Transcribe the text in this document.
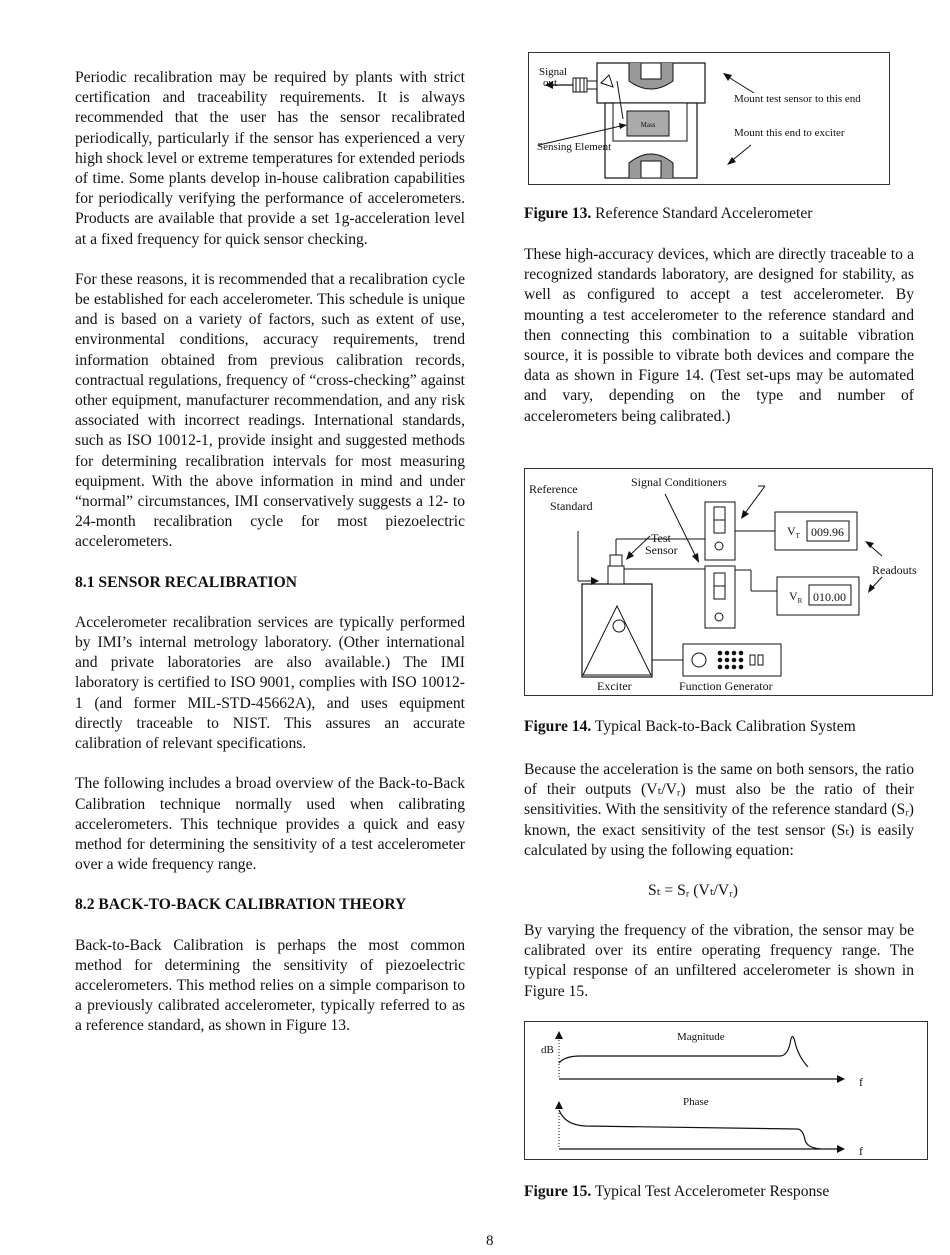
Periodic recalibration may be required by plants with strict certification and traceability requirements. It is always recommended that the user has the sensor recalibrated periodically, particularly if the sensor has experienced a very high shock level or extreme temperatures for extended periods of time. Some plants develop in-house calibration capabilities for periodically verifying the performance of accelerometers. Products are available that provide a set 1g-acceleration level at a fixed frequency for quick sensor checking.

For these reasons, it is recommended that a recalibration cycle be established for each accelerometer. This schedule is unique and is based on a variety of factors, such as extent of use, environmental conditions, accuracy requirements, trend information obtained from previous calibration records, contractual regulations, frequency of “cross-checking” against other equipment, manufacturer recommendation, and any risk associated with incorrect readings. International standards, such as ISO 10012-1, provide insight and suggested methods for determining recalibration intervals for most measuring equipment. With the above information in mind and under “normal” circumstances, IMI conservatively suggests a 12- to 24-month recalibration cycle for most piezoelectric accelerometers.

8.1 SENSOR RECALIBRATION

Accelerometer recalibration services are typically performed by IMI’s internal metrology laboratory. (Other international and private laboratories are also available.) The IMI laboratory is certified to ISO 9001, complies with ISO 10012-1 (and former MIL-STD-45662A), and uses equipment directly traceable to NIST. This assures an accurate calibration of relevant specifications.

The following includes a broad overview of the Back-to-Back Calibration technique normally used when calibrating accelerometers. This technique provides a quick and easy method for determining the sensitivity of a test accelerometer over a wide frequency range.

8.2 BACK-TO-BACK CALIBRATION THEORY

Back-to-Back Calibration is perhaps the most common method for determining the sensitivity of piezoelectric accelerometers. This method relies on a simple comparison to a previously calibrated accelerometer, typically referred to as a reference standard, as shown in Figure 13.

Mass
Signal
out
Sensing Element
Mount test sensor to this end
Mount this end to exciter
Figure 13. Reference Standard Accelerometer

These high-accuracy devices, which are directly traceable to a recognized standards laboratory, are designed for stability, as well as configured to accept a test accelerometer. By mounting a test accelerometer to the reference standard and then connecting this combination to a suitable vibration source, it is possible to vibrate both devices and compare the data as shown in Figure 14. (Test set-ups may be automated and vary, depending on the type and number of accelerometers being calibrated.)

$V_T$ 009.96
$V_R$ 010.00
Reference
Standard
Signal Conditioners
Test
Sensor
Readouts
Exciter	Function Generator
Figure 14. Typical Back-to-Back Calibration System

Because the acceleration is the same on both sensors, the ratio of their outputs (Vₜ/Vᵣ) must also be the ratio of their sensitivities. With the sensitivity of the reference standard (Sᵣ) known, the exact sensitivity of the test sensor (Sₜ) is easily calculated by using the following equation:

Sₜ = Sᵣ (Vₜ/Vᵣ)

By varying the frequency of the vibration, the sensor may be calibrated over its entire operating frequency range. The typical response of an unfiltered accelerometer is shown in Figure 15.

Magnitude
dB
Phase
f
f
Figure 15. Typical Test Accelerometer Response
8
